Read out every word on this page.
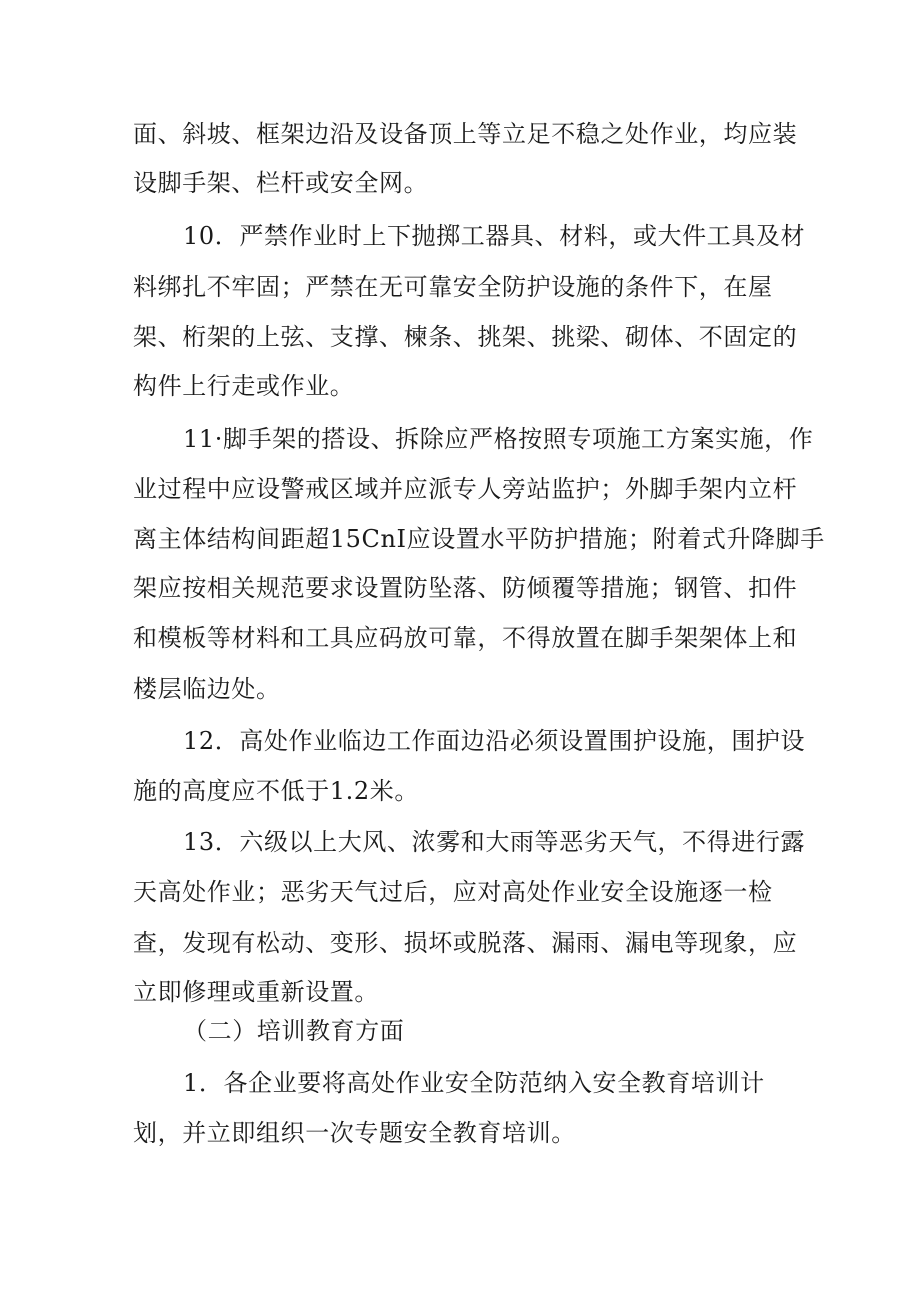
面、斜坡、框架边沿及设备顶上等立足不稳之处作业，均应装
设脚手架、栏杆或安全网。
10．严禁作业时上下抛掷工器具、材料，或大件工具及材
料绑扎不牢固；严禁在无可靠安全防护设施的条件下，在屋
架、桁架的上弦、支撑、楝条、挑架、挑梁、砌体、不固定的
构件上行走或作业。
11·脚手架的搭设、拆除应严格按照专项施工方案实施，作
业过程中应设警戒区域并应派专人旁站监护；外脚手架内立杆
离主体结构间距超15CnI应设置水平防护措施；附着式升降脚手
架应按相关规范要求设置防坠落、防倾覆等措施；钢管、扣件
和模板等材料和工具应码放可靠，不得放置在脚手架架体上和
楼层临边处。
12．高处作业临边工作面边沿必须设置围护设施，围护设
施的高度应不低于1.2米。
13．六级以上大风、浓雾和大雨等恶劣天气，不得进行露
天高处作业；恶劣天气过后，应对高处作业安全设施逐一检
查，发现有松动、变形、损坏或脱落、漏雨、漏电等现象，应
立即修理或重新设置。
（二）培训教育方面
1．各企业要将高处作业安全防范纳入安全教育培训计
划，并立即组织一次专题安全教育培训。
